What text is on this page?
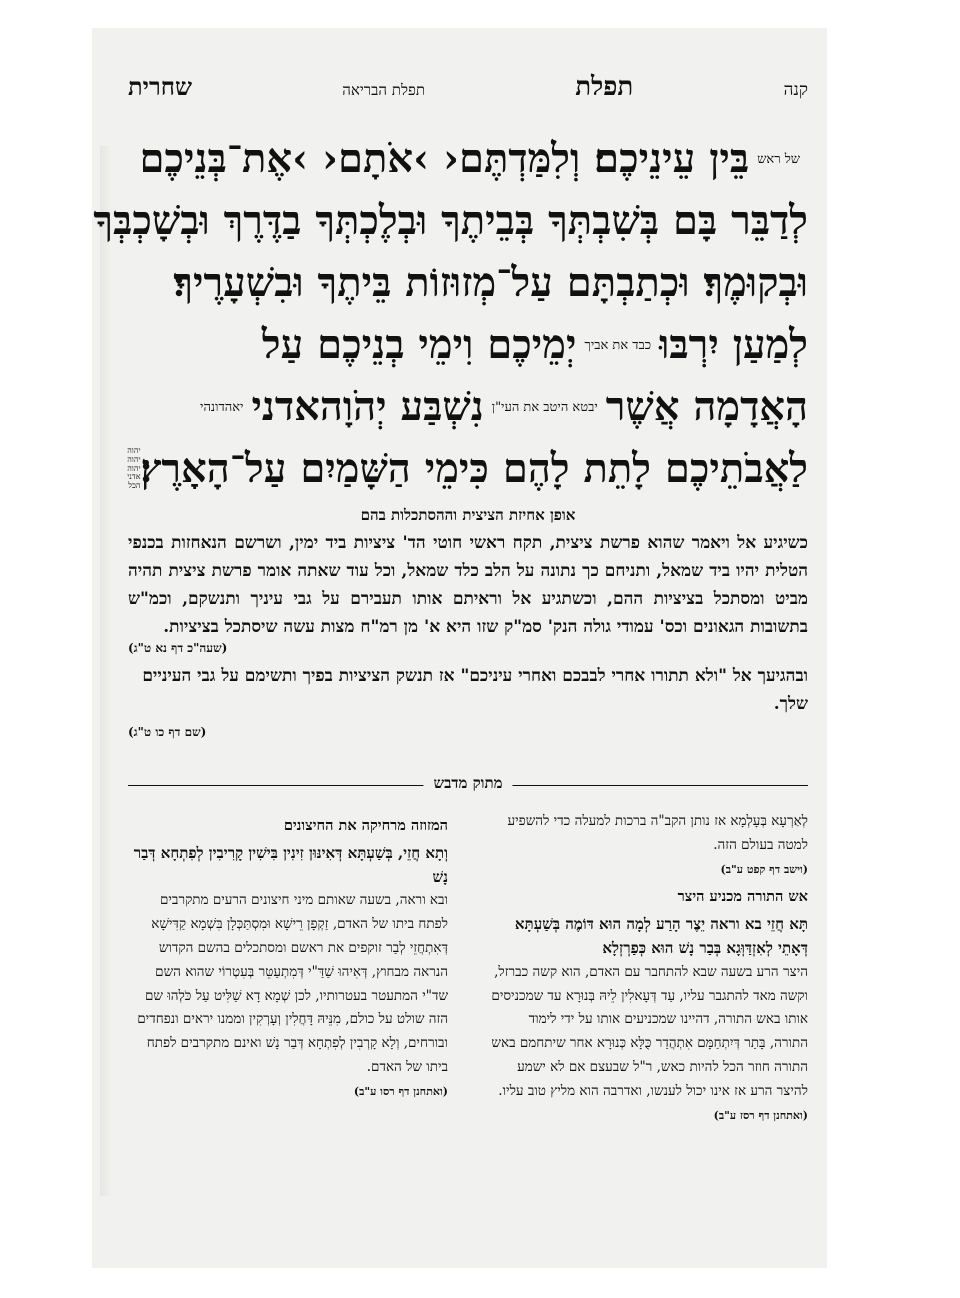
קנה
תפלת
תפלת הבריאה
שחרית
של ראש
בֵּין עֵינֵיכֶם׃ וְלִמַּדְתֶּם‹ ›אֹתָם‹ ›אֶת־בְּנֵיכֶם
לְדַבֵּר בָּם בְּשִׁבְתְּךָ בְּבֵיתֶךָ וּבְלֶכְתְּךָ בַדֶּרֶךְ וּבְשָׁכְבְּךָ
וּבְקוּמֶךָ׃ וּכְתַבְתָּם עַל־מְזוּזוֹת בֵּיתֶךָ וּבִשְׁעָרֶיךָ׃
לְמַעַן יִרְבּוּ
כבד את אביך
יְמֵיכֶם וִימֵי בְנֵיכֶם עַל
הָאֲדָמָה אֲשֶׁר
יבטא היטב את העי"ן
נִשְׁבַּע יְהֹוָהאדני
יאהדונהי
לַאֲבֹתֵיכֶם לָתֵת לָהֶם כִּימֵי הַשָּׁמַיִם עַל־הָאָרֶץ׃
יהוה יהוה יהוה אדני הכל
אופן אחיזת הציצית וההסתכלות בהם
כשיגיע אל ויאמר שהוא פרשת ציצית, תקח ראשי חוטי הד' ציציות ביד ימין, ושרשם הנאחזות בכנפי הטלית יהיו ביד שמאל, ותניחם כך נתונה על הלב כלד שמאל, וכל עוד שאתה אומר פרשת ציצית תהיה מביט ומסתכל בציציות ההם, וכשתגיע אל וראיתם אותו תעבירם על גבי עיניך ותנשקם, וכמ"ש בתשובות הגאונים וכס' עמודי גולה הנק' סמ"ק שזו היא א' מן רמ"ח מצות עשה שיסתכל בציציות.
(שעה"כ דף נא ט"ג)
ובהגיעך אל "ולא תתורו אחרי לבבכם ואחרי עיניכם" אז תנשק הציציות בפיך ותשימם על גבי העיניים שלך.
(שם דף כו ט"ג)
מתוק מדבש

לְאַרְעָא בְּעָלְמָא אז נותן הקב"ה ברכות למעלה כדי להשפיע למטה בעולם הזה.

(וישב דף קפט ע"ב)

אש התורה מכניע היצר

תָּא חֲזֵי בא וראה יֵצֶר הָרַע לְמָה הוּא דּוֹמֶה בְּשַׁעְתָּא דְּאָתֵי לְאִזְדַּוְּגָא בְּבַר נָשׁ הוּא כְּפַרְזְלָא

היצר הרע בשעה שבא להתחבר עם האדם, הוא קשה כברזל, וקשה מאד להתגבר עליו, עַד דְּעָאלִין לֵיהּ בְּנוּרָא עד שמכניסים אותו באש התורה, דהיינו שמכניעים אותו על ידי לימוד התורה, בָּתַר דְּיִתְחַמָּם אִתְהֲדַר כֻּלָּא כְּנוּרָא אחר שיתחמם באש התורה חוזר הכל להיות כאש, ר"ל שבעצם אם לא ישמע להיצר הרע אז אינו יכול לענשו, ואדרבה הוא מליץ טוב עליו.

(ואתחנן דף רסז ע"ב)

המזוזה מרחיקה את החיצונים

וְתָא חֲזֵי, בְּשַׁעְתָּא דְּאִינּוּן זִינִין בִּישִׁין קָרִיבִין לְפִתְחָא דְּבַר נָשׁ

ובא וראה, בשעה שאותם מיני חיצונים הרעים מתקרבים לפתח ביתו של האדם, זַקְפָן רֵישָׁא וּמִסְתַּכְּלָן בִּשְׁמָא קַדִּישָׁא דְּאִתְחֲזֵי לְבַר זוקפים את ראשם ומסתכלים בהשם הקדוש הנראה מבחוץ, דְּאִיהוּ שַׁדַּ"י דְּמִתְעַטֵּר בְּעִטְרוֹי שהוא השם שד"י המתעטר בעטרותיו, לכן שְׁמָא דָא שַׁלִּיט עַל כֹּלְהוּ שם הזה שולט על כולם, מִנֵּיהּ דָּחֲלִין וְעָרְקִין וממנו יראים ונפחדים ובורחים, וְלָא קָרְבִין לְפִתְחָא דְּבַר נָשׁ ואינם מתקרבים לפתח ביתו של האדם.

(ואתחנן דף רסו ע"ב)
